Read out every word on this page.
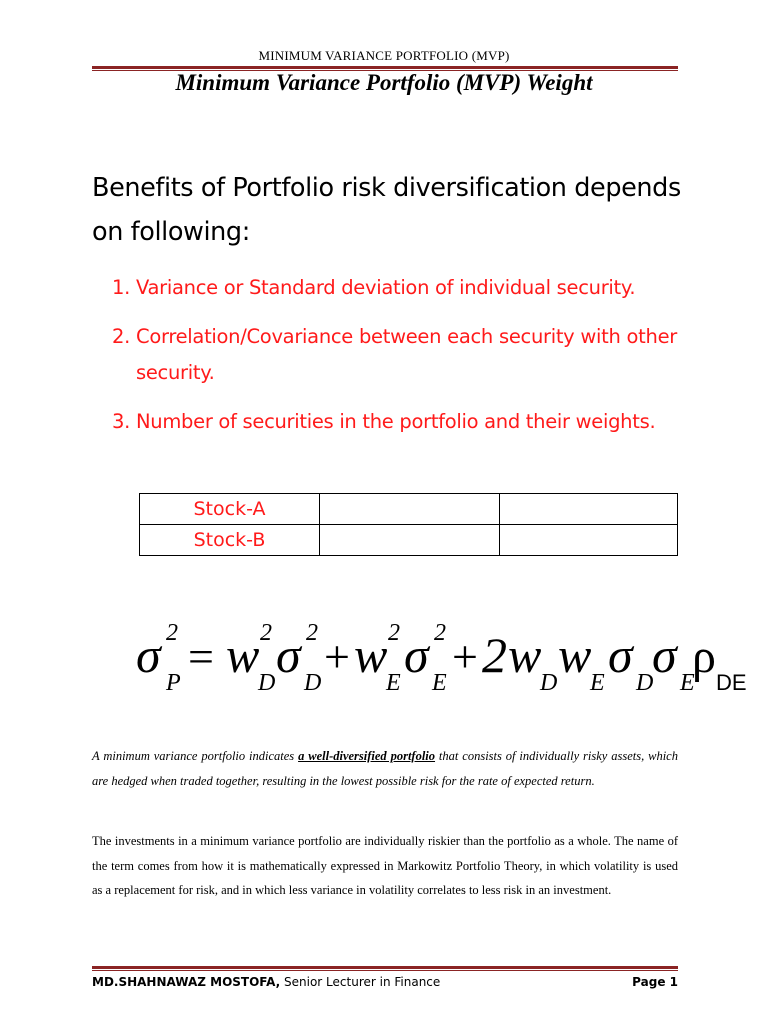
MINIMUM VARIANCE PORTFOLIO (MVP)
Minimum Variance Portfolio (MVP) Weight
Benefits of Portfolio risk diversification depends on following:
1. Variance or Standard deviation of individual security.
2. Correlation/Covariance between each security with other security.
3. Number of securities in the portfolio and their weights.
Stock-A		
Stock-B		
σ 2
P
= w 2
D σ 2
D
+ w 2
E σ 2
E
+ 2 w
D w
E σ D
σ E
ρ DE

A minimum variance portfolio indicates a well-diversified portfolio that consists of individually risky assets, which are hedged when traded together, resulting in the lowest possible risk for the rate of expected return.

The investments in a minimum variance portfolio are individually riskier than the portfolio as a whole. The name of the term comes from how it is mathematically expressed in Markowitz Portfolio Theory, in which volatility is used as a replacement for risk, and in which less variance in volatility correlates to less risk in an investment.

MD.SHAHNAWAZ MOSTOFA, Senior Lecturer in Finance	Page 1
